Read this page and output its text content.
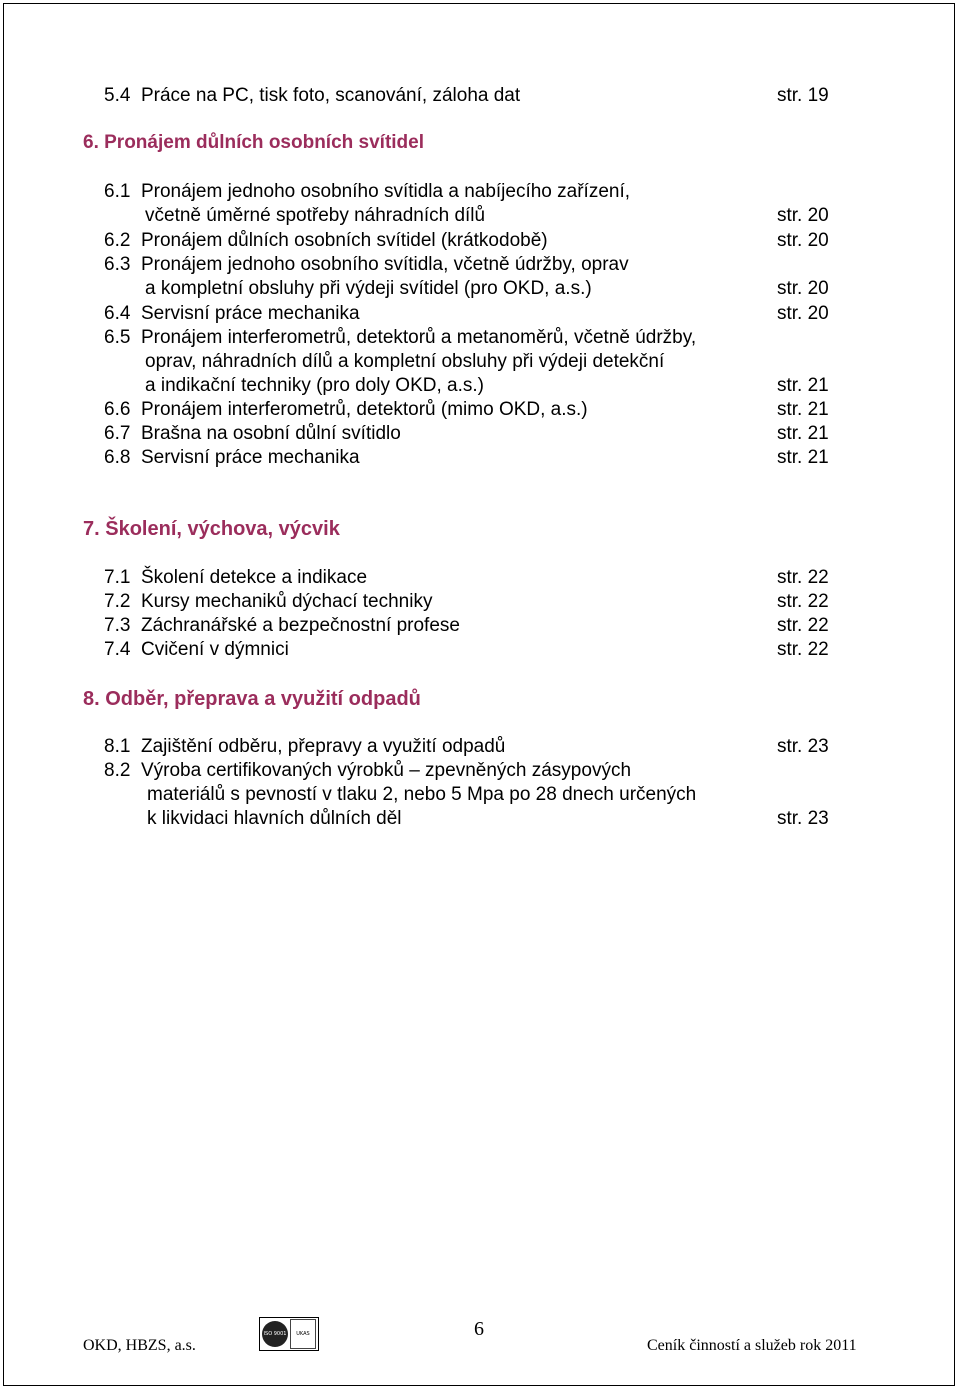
5.4 Práce na PC, tisk foto, scanování, záloha dat	str. 19
6. Pronájem důlních osobních svítidel
6.1 Pronájem jednoho osobního svítidla a nabíjecího zařízení,
včetně úměrné spotřeby náhradních dílů	str. 20
6.2 Pronájem důlních osobních svítidel (krátkodobě)	str. 20
6.3 Pronájem jednoho osobního svítidla, včetně údržby, oprav
a kompletní obsluhy při výdeji svítidel (pro OKD, a.s.)	str. 20
6.4 Servisní práce mechanika	str. 20
6.5 Pronájem interferometrů, detektorů a metanoměrů, včetně údržby,
oprav, náhradních dílů a kompletní obsluhy při výdeji detekční
a indikační techniky (pro doly OKD, a.s.)	str. 21
6.6 Pronájem interferometrů, detektorů (mimo OKD, a.s.)	str. 21
6.7 Brašna na osobní důlní svítidlo	str. 21
6.8 Servisní práce mechanika	str. 21
7. Školení, výchova, výcvik
7.1 Školení detekce a indikace	str. 22
7.2 Kursy mechaniků dýchací techniky	str. 22
7.3 Záchranářské a bezpečnostní profese	str. 22
7.4 Cvičení v dýmnici	str. 22
8. Odběr, přeprava a využití odpadů
8.1 Zajištění odběru, přepravy a využití odpadů	str. 23
8.2 Výroba certifikovaných výrobků – zpevněných zásypových
materiálů s pevností v tlaku 2, nebo 5 Mpa po 28 dnech určených
k likvidaci hlavních důlních děl	str. 23
OKD, HBZS, a.s.
ISO 9001 UKAS	6
Ceník činností a služeb rok 2011
